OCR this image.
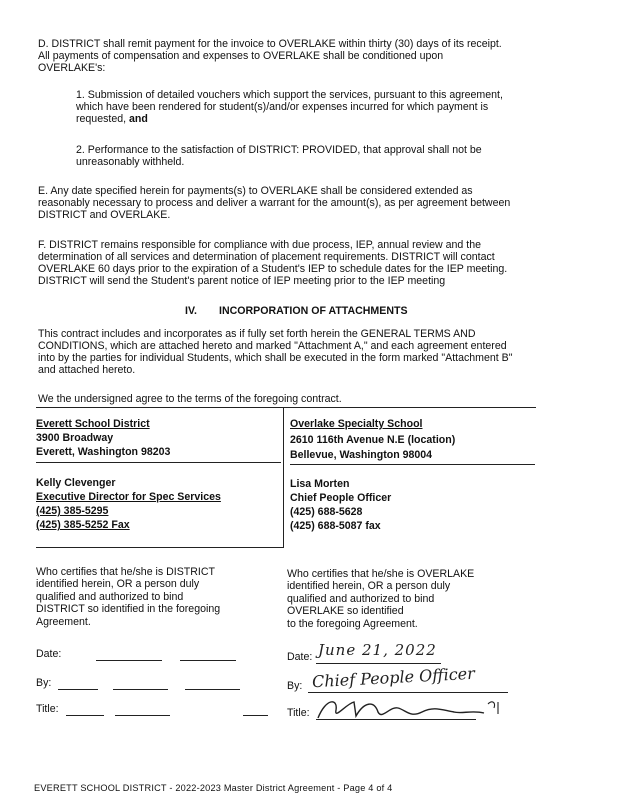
D. DISTRICT shall remit payment for the invoice to OVERLAKE within thirty (30) days of its receipt.
All payments of compensation and expenses to OVERLAKE shall be conditioned upon
OVERLAKE's:
1. Submission of detailed vouchers which support the services, pursuant to this agreement,
which have been rendered for student(s)/and/or expenses incurred for which payment is
requested, and
2. Performance to the satisfaction of DISTRICT: PROVIDED, that approval shall not be
unreasonably withheld.
E. Any date specified herein for payments(s) to OVERLAKE shall be considered extended as
reasonably necessary to process and deliver a warrant for the amount(s), as per agreement between
DISTRICT and OVERLAKE.
F. DISTRICT remains responsible for compliance with due process, IEP, annual review and the
determination of all services and determination of placement requirements. DISTRICT will contact
OVERLAKE 60 days prior to the expiration of a Student's IEP to schedule dates for the IEP meeting.
DISTRICT will send the Student's parent notice of IEP meeting prior to the IEP meeting
IV. INCORPORATION OF ATTACHMENTS
This contract includes and incorporates as if fully set forth herein the GENERAL TERMS AND
CONDITIONS, which are attached hereto and marked "Attachment A," and each agreement entered
into by the parties for individual Students, which shall be executed in the form marked "Attachment B"
and attached hereto.
We the undersigned agree to the terms of the foregoing contract.
Everett School District
3900 Broadway
Everett, Washington 98203
Kelly Clevenger
Executive Director for Spec Services
(425) 385-5295
(425) 385-5252 Fax
Overlake Specialty School
2610 116th Avenue N.E (location)
Bellevue, Washington 98004
Lisa Morten
Chief People Officer
(425) 688-5628
(425) 688-5087 fax
Who certifies that he/she is DISTRICT
identified herein, OR a person duly
qualified and authorized to bind
DISTRICT so identified in the foregoing
Agreement.
Who certifies that he/she is OVERLAKE
identified herein, OR a person duly
qualified and authorized to bind
OVERLAKE so identified
to the foregoing Agreement.
Date:
By:
Title:
Date: June 21, 2022
By: Chief People Officer
Title:
EVERETT SCHOOL DISTRICT - 2022-2023 Master District Agreement - Page 4 of 4
